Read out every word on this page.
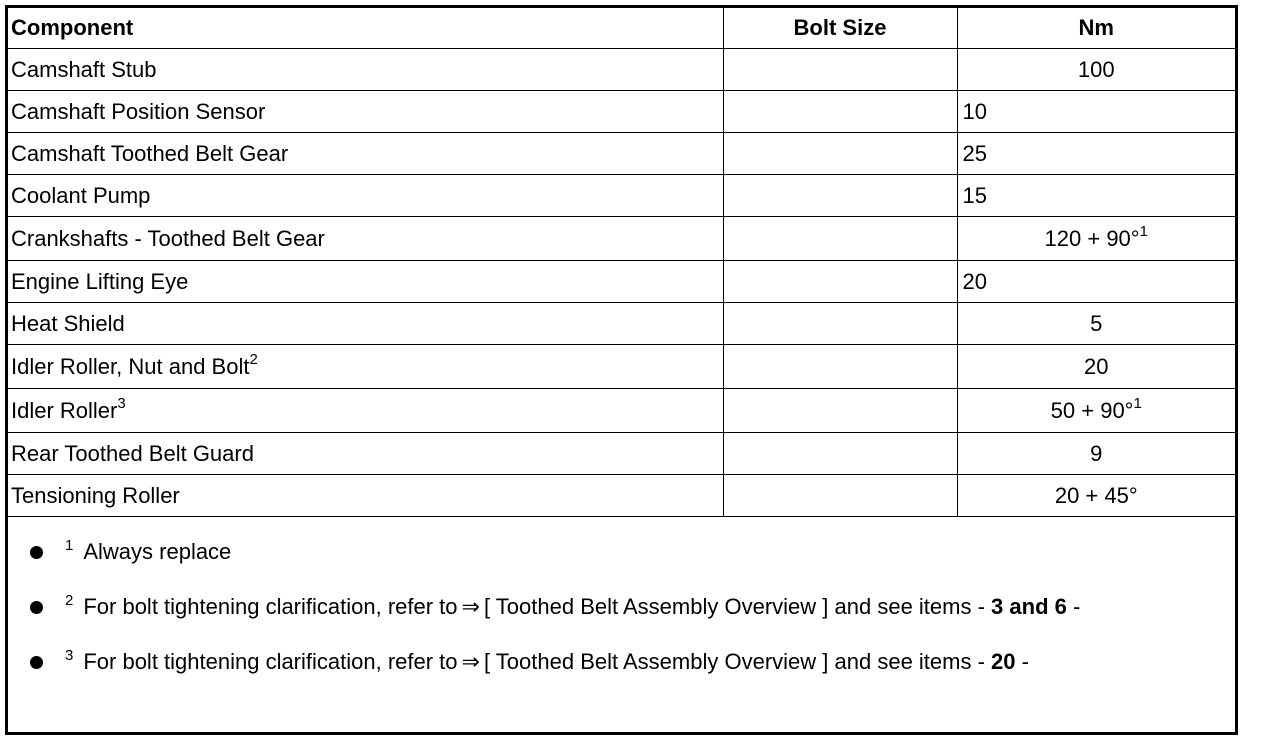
Component	Bolt Size	Nm
Camshaft Stub		100
Camshaft Position Sensor		10
Camshaft Toothed Belt Gear		25
Coolant Pump		15
Crankshafts - Toothed Belt Gear		120 + 90°$^1$
Engine Lifting Eye		20
Heat Shield		5
Idler Roller, Nut and Bolt$^2$		20
Idler Roller$^3$		50 + 90°$^1$
Rear Toothed Belt Guard		9
Tensioning Roller		20 + 45°
1 Always replace
2 For bolt tightening clarification, refer to ⇒ [ Toothed Belt Assembly Overview ]
and see items -
3 and 6
-
3 For bolt tightening clarification, refer to ⇒ [ Toothed Belt Assembly Overview ]
and see items -
20
-
